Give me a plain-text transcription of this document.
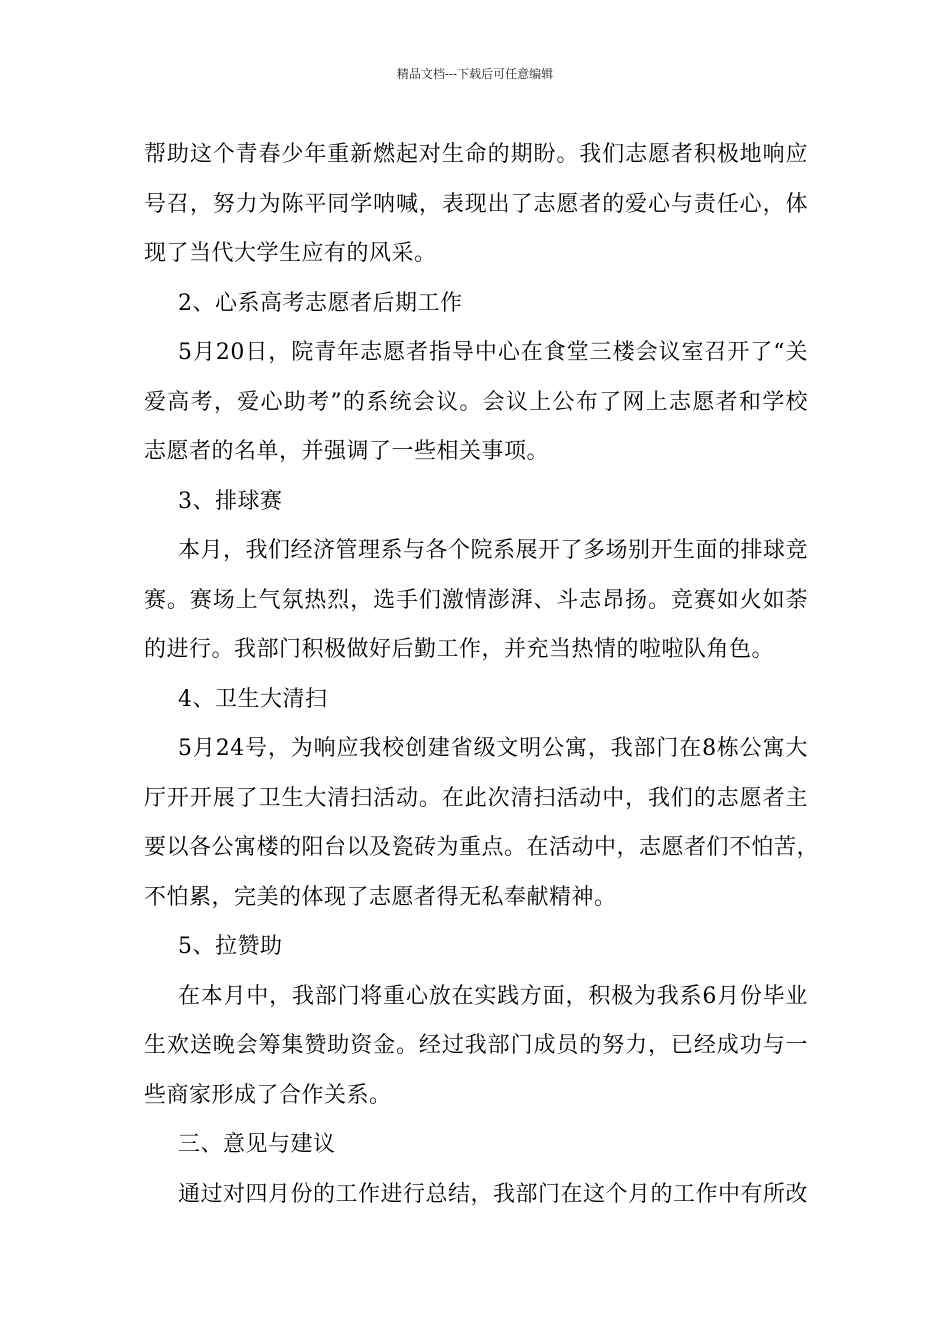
精品文档---下载后可任意编辑
帮助这个青春少年重新燃起对生命的期盼。我们志愿者积极地响应
号召，努力为陈平同学呐喊，表现出了志愿者的爱心与责任心，体
现了当代大学生应有的风采。
2、心系高考志愿者后期工作
5月20日，院青年志愿者指导中心在食堂三楼会议室召开了“关
爱高考，爱心助考”的系统会议。会议上公布了网上志愿者和学校
志愿者的名单，并强调了一些相关事项。
3、排球赛
本月，我们经济管理系与各个院系展开了多场别开生面的排球竞
赛。赛场上气氛热烈，选手们激情澎湃、斗志昂扬。竞赛如火如荼
的进行。我部门积极做好后勤工作，并充当热情的啦啦队角色。
4、卫生大清扫
5月24号，为响应我校创建省级文明公寓，我部门在8栋公寓大
厅开开展了卫生大清扫活动。在此次清扫活动中，我们的志愿者主
要以各公寓楼的阳台以及瓷砖为重点。在活动中，志愿者们不怕苦，
不怕累，完美的体现了志愿者得无私奉献精神。
5、拉赞助
在本月中，我部门将重心放在实践方面，积极为我系6月份毕业
生欢送晚会筹集赞助资金。经过我部门成员的努力，已经成功与一
些商家形成了合作关系。
三、意见与建议
通过对四月份的工作进行总结，我部门在这个月的工作中有所改
